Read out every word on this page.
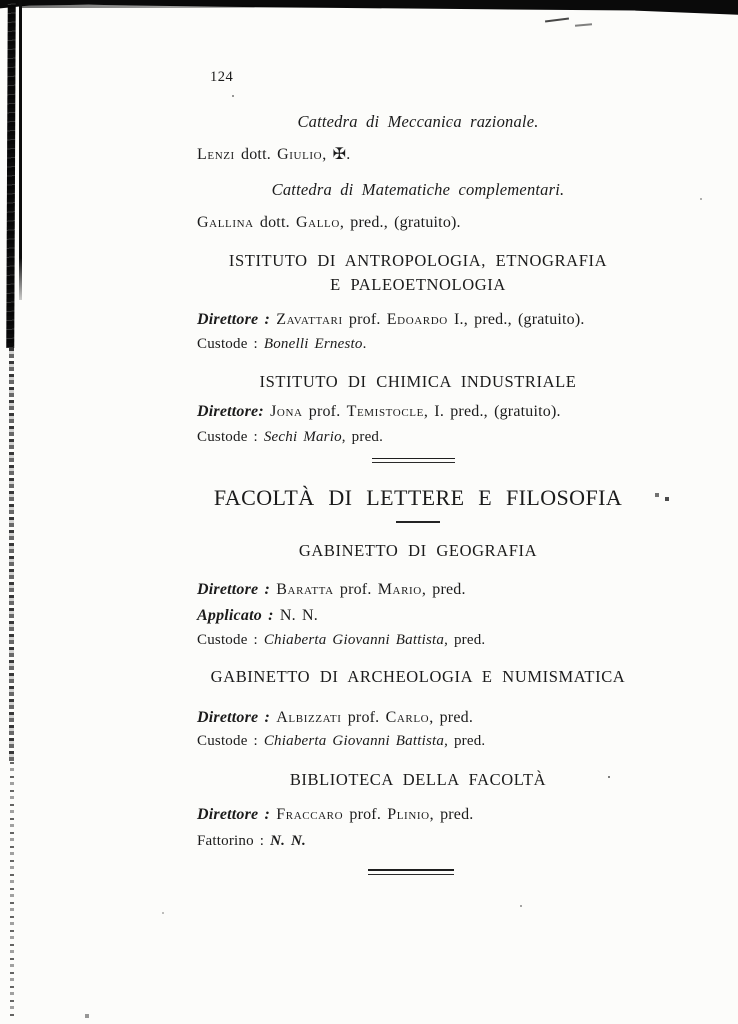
124
Cattedra di Meccanica razionale.
Lenzi dott. Giulio, ✠.
Cattedra di Matematiche complementari.
Gallina dott. Gallo, pred., (gratuito).
ISTITUTO DI ANTROPOLOGIA, ETNOGRAFIA
E PALEOETNOLOGIA
Direttore : Zavattari prof. Edoardo I., pred., (gratuito).
Custode : Bonelli Ernesto.
ISTITUTO DI CHIMICA INDUSTRIALE
Direttore: Jona prof. Temistocle, I. pred., (gratuito).
Custode : Sechi Mario, pred.
FACOLTÀ DI LETTERE E FILOSOFIA
GABINETTO DI GEOGRAFIA
Direttore : Baratta prof. Mario, pred.
Applicato : N. N.
Custode : Chiaberta Giovanni Battista, pred.
GABINETTO DI ARCHEOLOGIA E NUMISMATICA
Direttore : Albizzati prof. Carlo, pred.
Custode : Chiaberta Giovanni Battista, pred.
BIBLIOTECA DELLA FACOLTÀ
Direttore : Fraccaro prof. Plinio, pred.
Fattorino : N. N.
